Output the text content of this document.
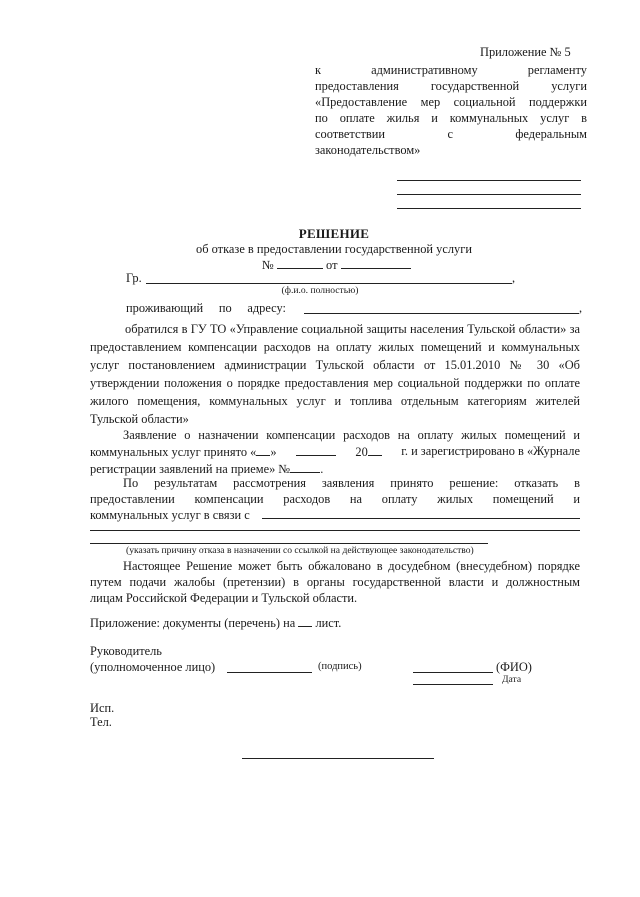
Приложение № 5
к административному регламенту
предоставления государственной услуги
«Предоставление мер социальной поддержки
по оплате жилья и коммунальных услуг в
соответствии с федеральным
законодательством»
РЕШЕНИЕ
об отказе в предоставлении государственной услуги
№	от
Гр.	,
(ф.и.о. полностью)
проживающий по адресу:	,
обратился в ГУ ТО «Управление социальной защиты населения Тульской области» за
предоставлением компенсации расходов на оплату жилых помещений и коммунальных
услуг постановлением администрации Тульской области от 15.01.2010 № 30 «Об
утверждении положения о порядке предоставления мер социальной поддержки по оплате
жилого помещения, коммунальных услуг и топлива отдельным категориям жителей
Тульской области»
Заявление о назначении компенсации расходов на оплату жилых помещений и
коммунальных услуг принято « »	20	г. и зарегистрировано в «Журнале
регистрации заявлений на приеме» № .
По результатам рассмотрения заявления принято решение: отказать в
предоставлении компенсации расходов на оплату жилых помещений и
коммунальных услуг в связи с
(указать причину отказа в назначении со ссылкой на действующее законодательство)
Настоящее Решение может быть обжаловано в досудебном (внесудебном) порядке
путем подачи жалобы (претензии) в органы государственной власти и должностным
лицам Российской Федерации и Тульской области.
Приложение: документы (перечень) на лист.
Руководитель
(уполномоченное лицо)	(подпись)	(ФИО)
Дата
Исп.
Тел.
